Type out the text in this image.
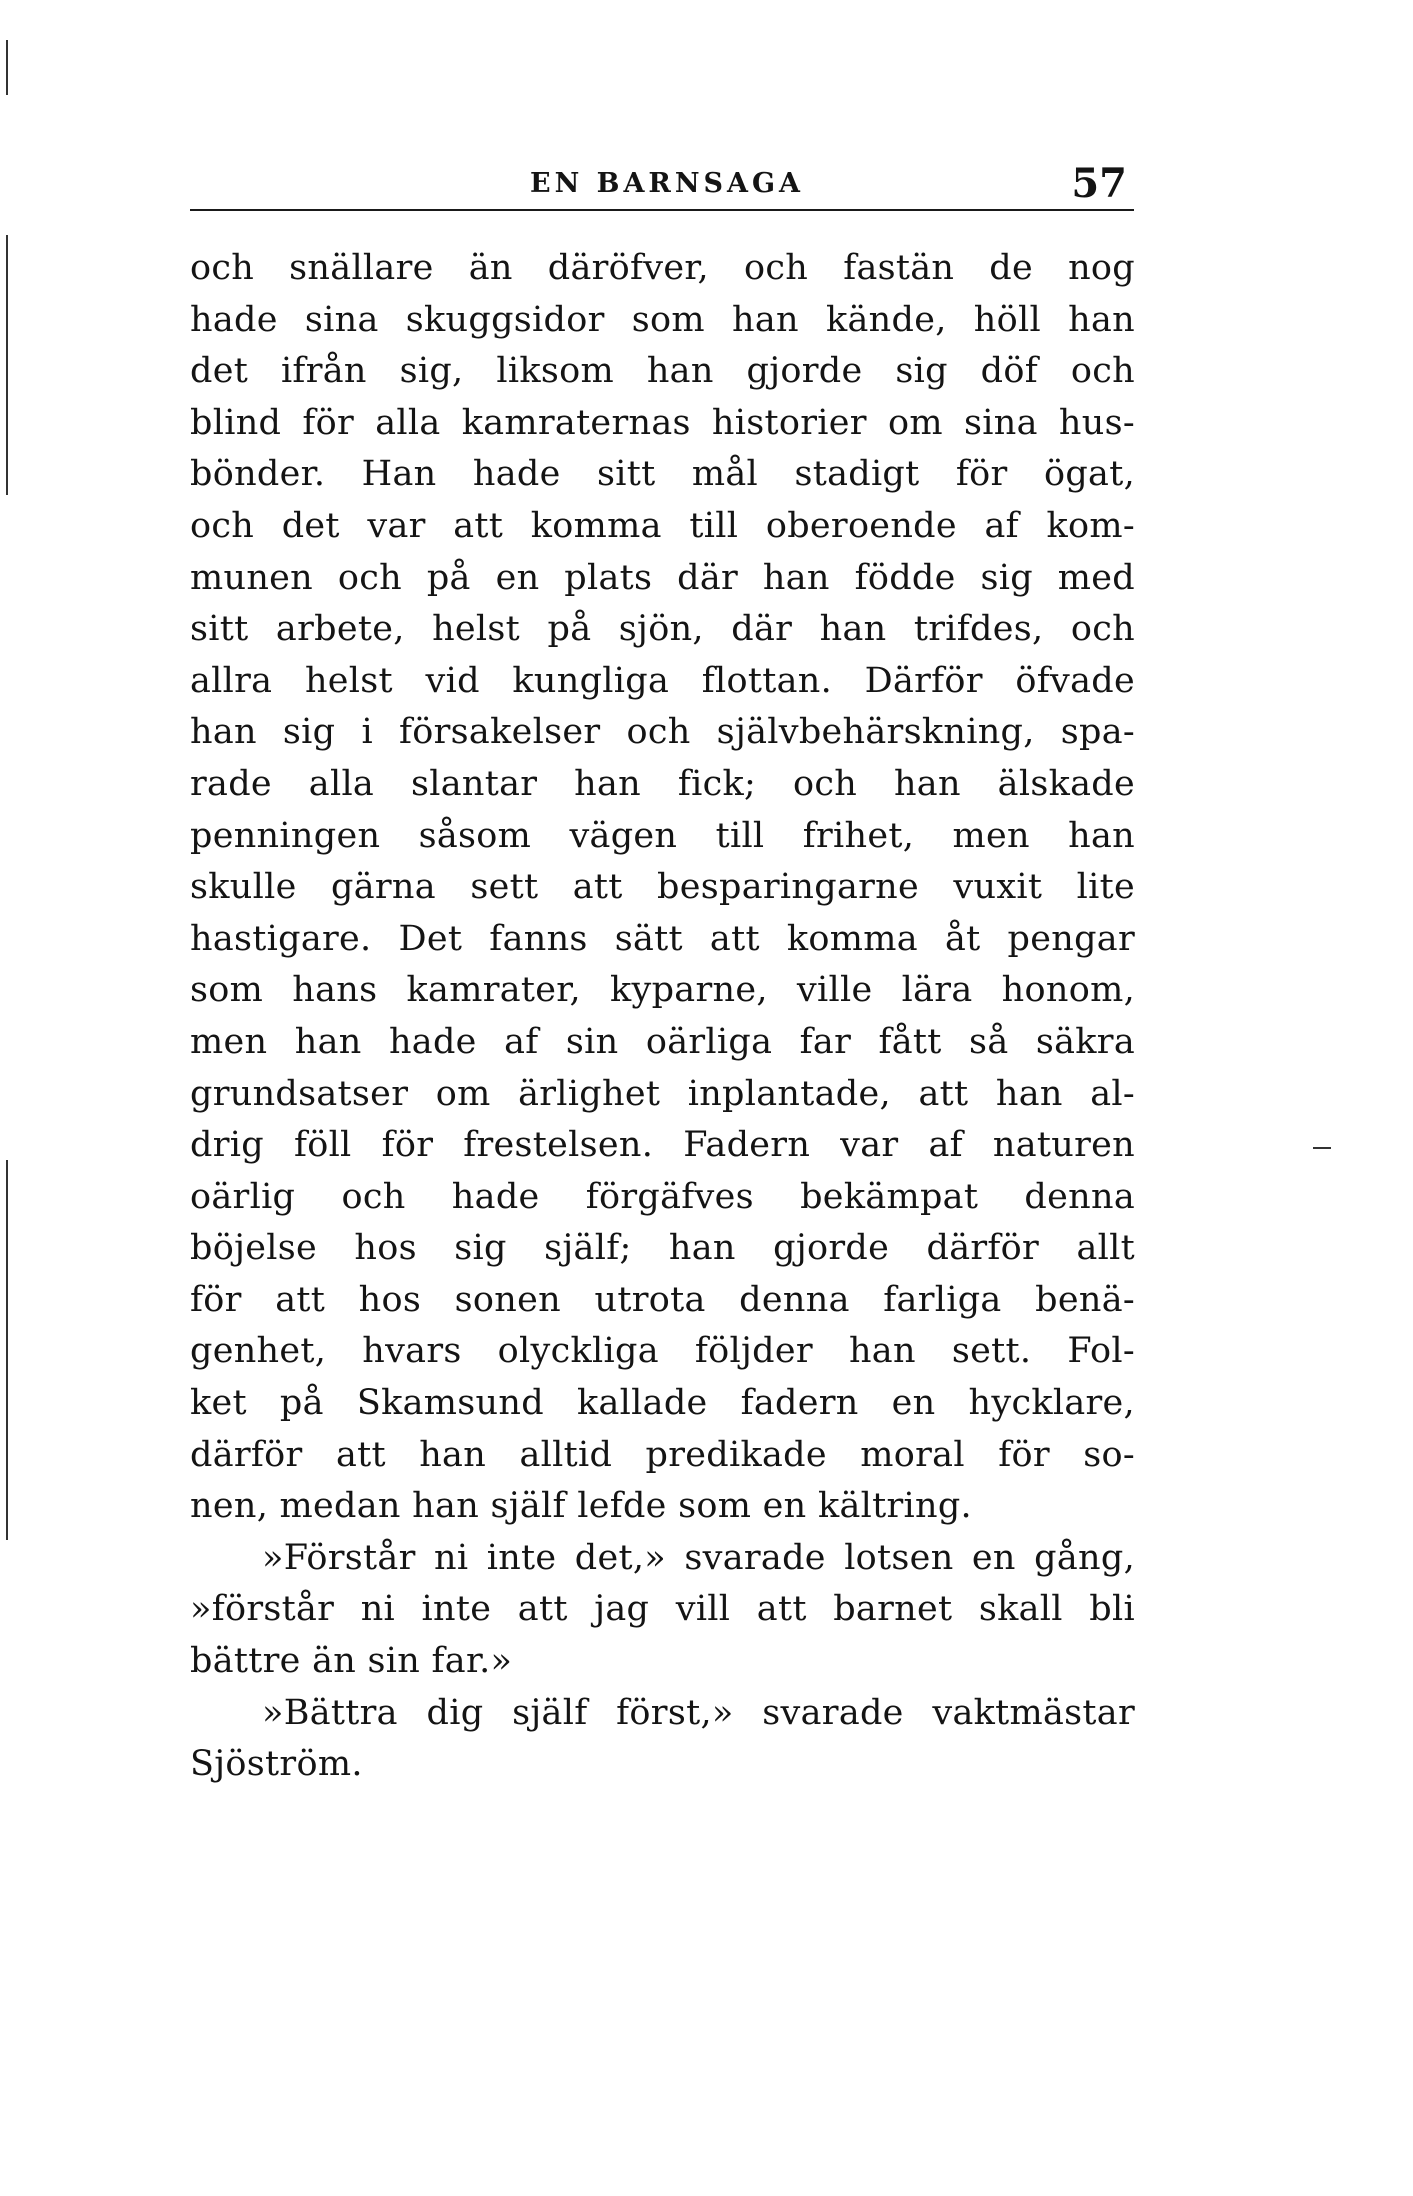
EN BARNSAGA	57
och snällare än däröfver, och fastän de nog
hade sina skuggsidor som han kände, höll han
det ifrån sig, liksom han gjorde sig döf och
blind för alla kamraternas historier om sina hus-
bönder. Han hade sitt mål stadigt för ögat,
och det var att komma till oberoende af kom-
munen och på en plats där han födde sig med
sitt arbete, helst på sjön, där han trifdes, och
allra helst vid kungliga flottan. Därför öfvade
han sig i försakelser och självbehärskning, spa-
rade alla slantar han fick; och han älskade
penningen såsom vägen till frihet, men han
skulle gärna sett att besparingarne vuxit lite
hastigare. Det fanns sätt att komma åt pengar
som hans kamrater, kyparne, ville lära honom,
men han hade af sin oärliga far fått så säkra
grundsatser om ärlighet inplantade, att han al-
drig föll för frestelsen. Fadern var af naturen
oärlig och hade förgäfves bekämpat denna
böjelse hos sig själf; han gjorde därför allt
för att hos sonen utrota denna farliga benä-
genhet, hvars olyckliga följder han sett. Fol-
ket på Skamsund kallade fadern en hycklare,
därför att han alltid predikade moral för so-
nen, medan han själf lefde som en kältring.
»Förstår ni inte det,» svarade lotsen en gång,
»förstår ni inte att jag vill att barnet skall bli
bättre än sin far.»
»Bättra dig själf först,» svarade vaktmästar
Sjöström.
